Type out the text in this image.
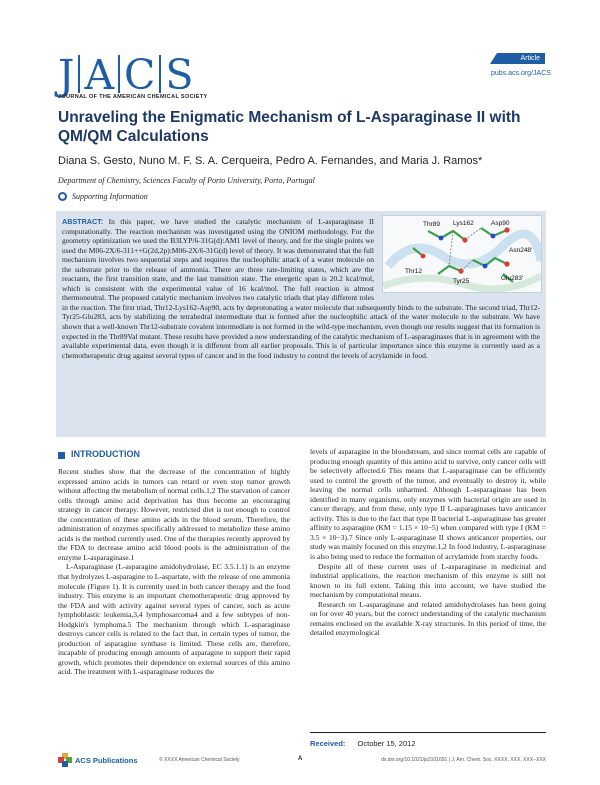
J A C S
JOURNAL OF THE AMERICAN CHEMICAL SOCIETY
Article
pubs.acs.org/JACS
Unraveling the Enigmatic Mechanism of L-Asparaginase II with QM/QM Calculations
Diana S. Gesto, Nuno M. F. S. A. Cerqueira, Pedro A. Fernandes, and Maria J. Ramos*
Department of Chemistry, Sciences Faculty of Porto University, Porto, Portugal
Supporting Information
Thr89 Lys162	Asp90
Asn248'
Thr12
Tyr25	Glu283'
ABSTRACT: In this paper, we have studied the catalytic mechanism of L-asparaginase II computationally. The reaction mechanism was investigated using the ONIOM methodology. For the geometry optimization we used the B3LYP/6-31G(d):AM1 level of theory, and for the single points we used the M06-2X/6-311++G(2d,2p):M06-2X/6-31G(d) level of theory. It was demonstrated that the full mechanism involves two sequential steps and requires the nucleophilic attack of a water molecule on the substrate prior to the release of ammonia. There are three rate-limiting states, which are the reactants, the first transition state, and the last transition state. The energetic span is 20.2 kcal/mol, which is consistent with the experimental value of 16 kcal/mol. The full reaction is almost thermoneutral. The proposed catalytic mechanism involves two catalytic triads that play different roles in the reaction. The first triad, Thr12-Lys162-Asp90, acts by deprotonating a water molecule that subsequently binds to the substrate. The second triad, Thr12-Tyr25-Glu283, acts by stabilizing the tetrahedral intermediate that is formed after the nucleophilic attack of the water molecule to the substrate. We have shown that a well-known Thr12-substrate covalent intermediate is not formed in the wild-type mechanism, even though our results suggest that its formation is expected in the Thr89Val mutant. These results have provided a new understanding of the catalytic mechanism of L-asparaginases that is in agreement with the available experimental data, even though it is different from all earlier proposals. This is of particular importance since this enzyme is currently used as a chemotherapeutic drug against several types of cancer and in the food industry to control the levels of acrylamide in food.
INTRODUCTION

Recent studies show that the decrease of the concentration of highly expressed amino acids in tumors can retard or even stop tumor growth without affecting the metabolism of normal cells.1,2 The starvation of cancer cells through amino acid deprivation has thus become an encouraging strategy in cancer therapy. However, restricted diet is not enough to control the concentration of these amino acids in the blood serum. Therefore, the administration of enzymes specifically addressed to metabolize these amino acids is the method currently used. One of the therapies recently approved by the FDA to decrease amino acid blood pools is the administration of the enzyme L-asparaginase.1

L-Asparaginase (L-asparagine amidohydrolase, EC 3.5.1.1) is an enzyme that hydrolyzes L-asparagine to L-aspartate, with the release of one ammonia molecule (Figure 1). It is currently used in both cancer therapy and the food industry. This enzyme is an important chemotherapeutic drug approved by the FDA and with activity against several types of cancer, such as acute lymphoblastic leukemia,3,4 lymphosarcoma4 and a few subtypes of non-Hodgkin's lymphoma.5 The mechanism through which L-asparaginase destroys cancer cells is related to the fact that, in certain types of tumor, the production of asparagine synthase is limited. These cells are, therefore, incapable of producing enough amounts of asparagine to support their rapid growth, which promotes their dependence on external sources of this amino acid. The treatment with L-asparaginase reduces the

levels of asparagine in the bloodstream, and since normal cells are capable of producing enough quantity of this amino acid to survive, only cancer cells will be selectively affected.6 This means that L-asparaginase can be efficiently used to control the growth of the tumor, and eventually to destroy it, while leaving the normal cells unharmed. Although L-asparaginase has been identified in many organisms, only enzymes with bacterial origin are used in cancer therapy, and from these, only type II L-asparaginases have anticancer activity. This is due to the fact that type II bacterial L-asparaginase has greater affinity to asparagine (KM = 1.15 × 10−5) when compared with type I (KM = 3.5 × 10−3).7 Since only L-asparaginase II shows anticancer properties, our study was mainly focused on this enzyme.1,2 In food industry, L-asparaginase is also being used to reduce the formation of acrylamide from starchy foods.

Despite all of these current uses of L-asparaginase in medicinal and industrial applications, the reaction mechanism of this enzyme is still not known to its full extent. Taking this into account, we have studied the mechanism by computational means.

Research on L-asparaginase and related amidohydrolases has been going on for over 40 years, but the correct understanding of the catalytic mechanism remains enclosed on the available X-ray structures. In this period of time, the detailed enzymological

Received: October 15, 2012
ACS Publications	© XXXX American Chemical Society	A	dx.doi.org/10.1021/ja3101651 | J. Am. Chem. Soc. XXXX, XXX, XXX−XXX
